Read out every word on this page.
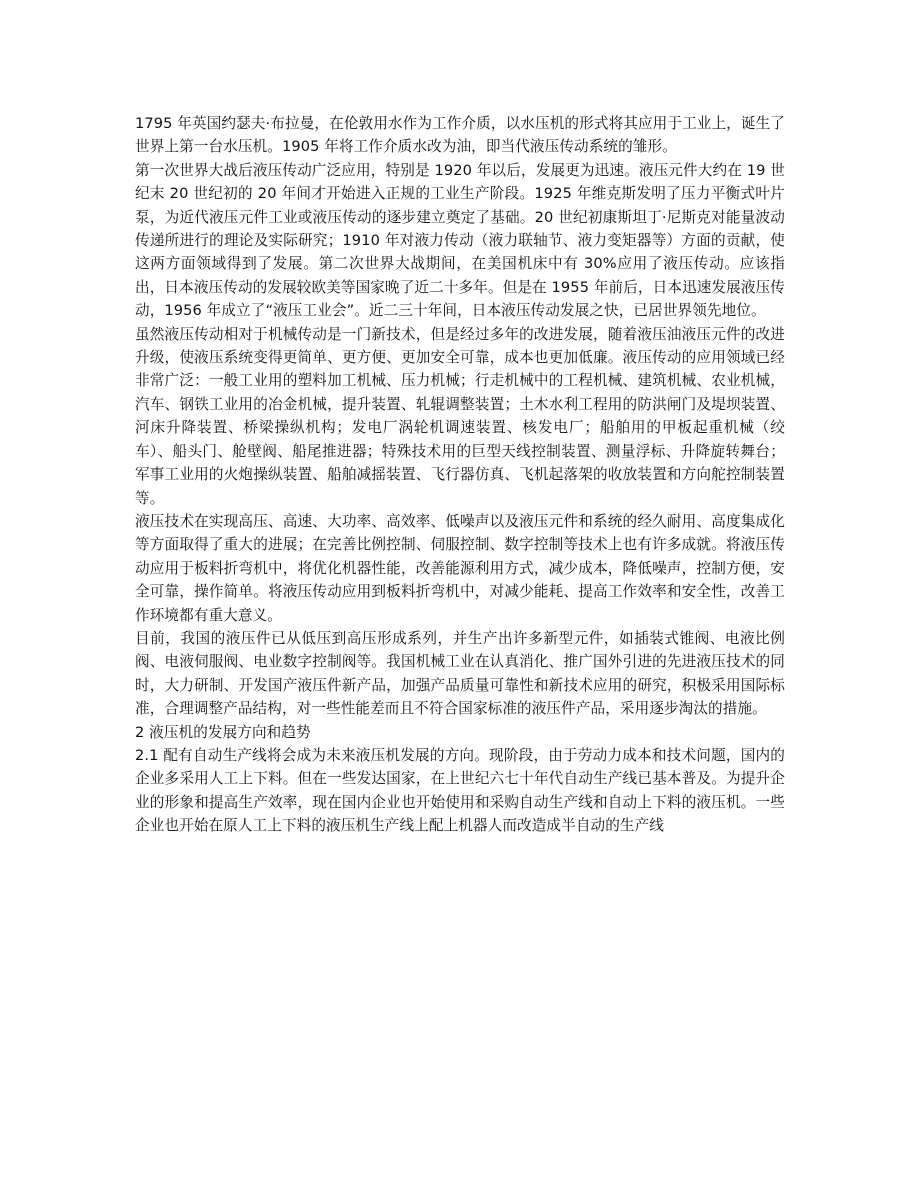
1795 年英国约瑟夫·布拉曼，在伦敦用水作为工作介质，以水压机的形式将其应用于工业上，诞生了世界上第一台水压机。1905 年将工作介质水改为油，即当代液压传动系统的雏形。

第一次世界大战后液压传动广泛应用，特别是 1920 年以后，发展更为迅速。液压元件大约在 19 世纪末 20 世纪初的 20 年间才开始进入正规的工业生产阶段。1925 年维克斯发明了压力平衡式叶片泵，为近代液压元件工业或液压传动的逐步建立奠定了基础。20 世纪初康斯坦丁·尼斯克对能量波动传递所进行的理论及实际研究；1910 年对液力传动（液力联轴节、液力变矩器等）方面的贡献，使这两方面领域得到了发展。第二次世界大战期间，在美国机床中有 30%应用了液压传动。应该指出，日本液压传动的发展较欧美等国家晚了近二十多年。但是在 1955 年前后，日本迅速发展液压传动，1956 年成立了“液压工业会”。近二三十年间，日本液压传动发展之快，已居世界领先地位。

虽然液压传动相对于机械传动是一门新技术，但是经过多年的改进发展，随着液压油液压元件的改进升级，使液压系统变得更简单、更方便、更加安全可靠，成本也更加低廉。液压传动的应用领域已经非常广泛：一般工业用的塑料加工机械、压力机械；行走机械中的工程机械、建筑机械、农业机械，汽车、钢铁工业用的冶金机械，提升装置、轧辊调整装置；土木水利工程用的防洪闸门及堤坝装置、河床升降装置、桥梁操纵机构；发电厂涡轮机调速装置、核发电厂；船舶用的甲板起重机械（绞车）、船头门、舱壁阀、船尾推进器；特殊技术用的巨型天线控制装置、测量浮标、升降旋转舞台；军事工业用的火炮操纵装置、船舶减摇装置、飞行器仿真、飞机起落架的收放装置和方向舵控制装置等。

液压技术在实现高压、高速、大功率、高效率、低噪声以及液压元件和系统的经久耐用、高度集成化等方面取得了重大的进展；在完善比例控制、伺服控制、数字控制等技术上也有许多成就。将液压传动应用于板料折弯机中，将优化机器性能，改善能源利用方式，减少成本，降低噪声，控制方便，安全可靠，操作简单。将液压传动应用到板料折弯机中，对减少能耗、提高工作效率和安全性，改善工作环境都有重大意义。

目前，我国的液压件已从低压到高压形成系列，并生产出许多新型元件，如插装式锥阀、电液比例阀、电液伺服阀、电业数字控制阀等。我国机械工业在认真消化、推广国外引进的先进液压技术的同时，大力研制、开发国产液压件新产品，加强产品质量可靠性和新技术应用的研究，积极采用国际标准，合理调整产品结构，对一些性能差而且不符合国家标准的液压件产品，采用逐步淘汰的措施。

2 液压机的发展方向和趋势

2.1 配有自动生产线将会成为未来液压机发展的方向。现阶段，由于劳动力成本和技术问题，国内的企业多采用人工上下料。但在一些发达国家，在上世纪六七十年代自动生产线已基本普及。为提升企业的形象和提高生产效率，现在国内企业也开始使用和采购自动生产线和自动上下料的液压机。一些企业也开始在原人工上下料的液压机生产线上配上机器人而改造成半自动的生产线
